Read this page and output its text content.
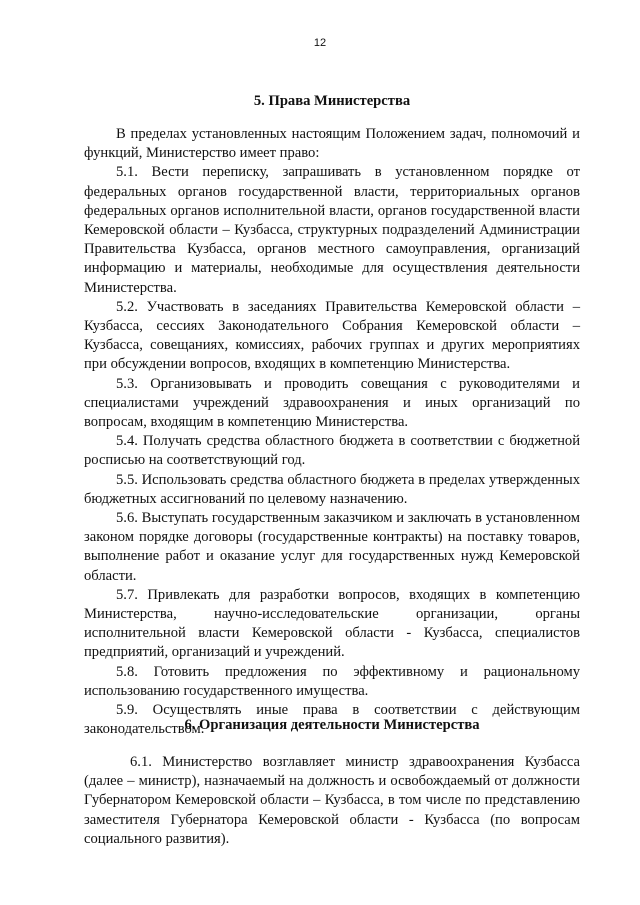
12
5. Права Министерства

В пределах установленных настоящим Положением задач, полномочий и функций, Министерство имеет право:

5.1. Вести переписку, запрашивать в установленном порядке от федеральных органов государственной власти, территориальных органов федеральных органов исполнительной власти, органов государственной власти Кемеровской области – Кузбасса, структурных подразделений Администрации Правительства Кузбасса, органов местного самоуправления, организаций информацию и материалы, необходимые для осуществления деятельности Министерства.

5.2. Участвовать в заседаниях Правительства Кемеровской области – Кузбасса, сессиях Законодательного Собрания Кемеровской области – Кузбасса, совещаниях, комиссиях, рабочих группах и других мероприятиях при обсуждении вопросов, входящих в компетенцию Министерства.

5.3. Организовывать и проводить совещания с руководителями и специалистами учреждений здравоохранения и иных организаций по вопросам, входящим в компетенцию Министерства.

5.4. Получать средства областного бюджета в соответствии с бюджетной росписью на соответствующий год.

5.5. Использовать средства областного бюджета в пределах утвержденных бюджетных ассигнований по целевому назначению.

5.6. Выступать государственным заказчиком и заключать в установленном законом порядке договоры (государственные контракты) на поставку товаров, выполнение работ и оказание услуг для государственных нужд Кемеровской области.

5.7. Привлекать для разработки вопросов, входящих в компетенцию Министерства, научно-исследовательские организации, органы исполнительной власти Кемеровской области - Кузбасса, специалистов предприятий, организаций и учреждений.

5.8. Готовить предложения по эффективному и рациональному использованию государственного имущества.

5.9. Осуществлять иные права в соответствии с действующим законодательством.

6. Организация деятельности Министерства

6.1. Министерство возглавляет министр здравоохранения Кузбасса (далее – министр), назначаемый на должность и освобождаемый от должности Губернатором Кемеровской области – Кузбасса, в том числе по представлению заместителя Губернатора Кемеровской области - Кузбасса (по вопросам социального развития).
